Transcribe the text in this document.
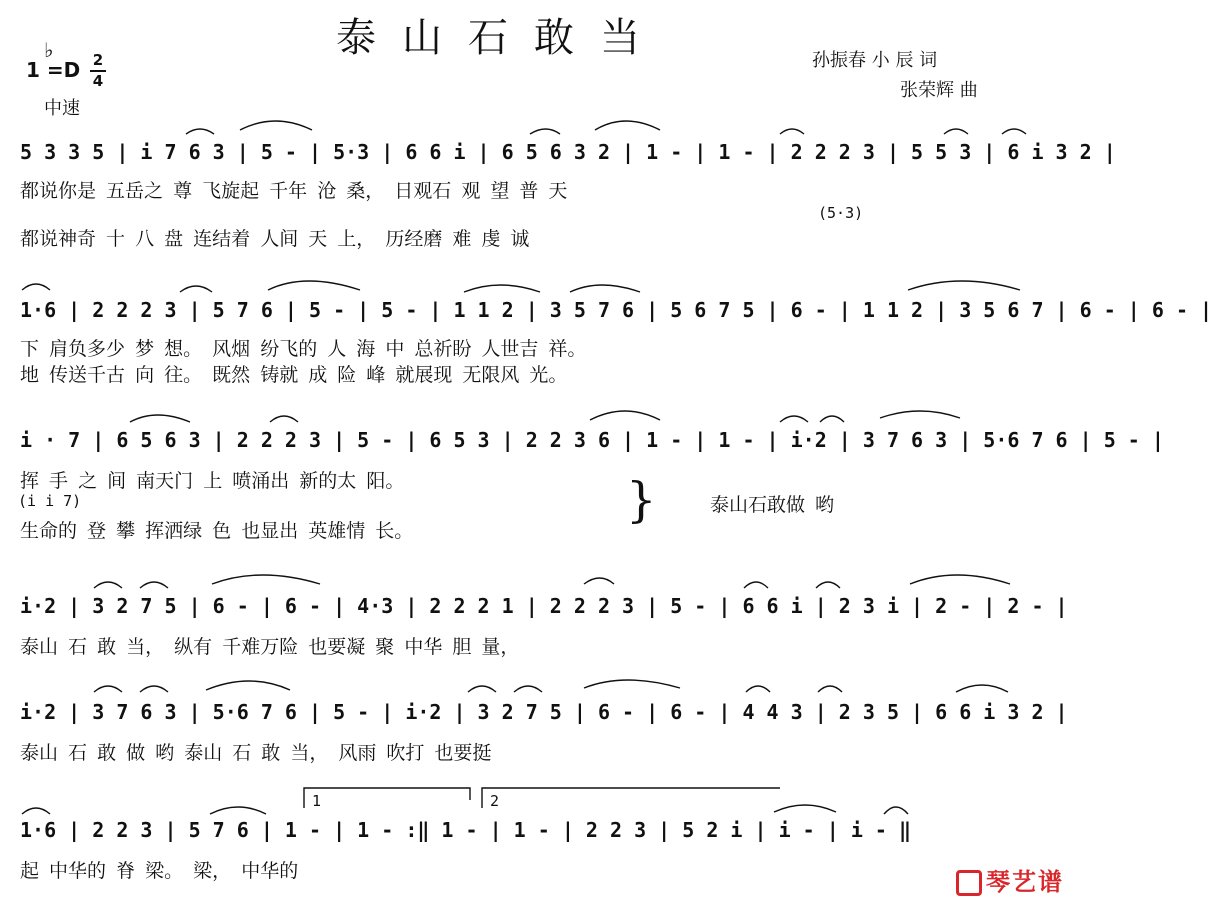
泰山石敢当
♭
1 =D 2
4
中速
孙振春 小 辰 词
张荣辉 曲
5 3 3 5 | i 7 6 3 | 5 - | 5·3 | 6 6 i | 6 5 6 3 2 | 1 - | 1 - | 2 2 2 3 | 5 5 3 | 6 i 3 2 |
(5·3)
都说你是 五岳之 尊 飞旋起 千年 沧 桑， 日观石 观 望 普 天
都说神奇 十 八 盘 连结着 人间 天 上， 历经磨 难 虔 诚
1·6 | 2 2 2 3 | 5 7 6 | 5 - | 5 - | 1 1 2 | 3 5 7 6 | 5 6 7 5 | 6 - | 1 1 2 | 3 5 6 7 | 6 - | 6 - |
下 肩负多少 梦 想。 风烟 纷飞的 人 海 中 总祈盼 人世吉 祥。
地 传送千古 向 往。 既然 铸就 成 险 峰 就展现 无限风 光。
i · 7 | 6 5 6 3 | 2 2 2 3 | 5 - | 6 5 3 | 2 2 3 6 | 1 - | 1 - | i·2 | 3 7 6 3 | 5·6 7 6 | 5 - |
挥 手 之 间 南天门 上 喷涌出 新的太 阳。
(i i 7)
生命的 登 攀 挥洒绿 色 也显出 英雄情 长。
}	泰山石敢做 哟
i·2 | 3 2 7 5 | 6 - | 6 - | 4·3 | 2 2 2 1 | 2 2 2 3 | 5 - | 6 6 i | 2 3 i | 2 - | 2 - |
泰山 石 敢 当， 纵有 千难万险 也要凝 聚 中华 胆 量，
i·2 | 3 7 6 3 | 5·6 7 6 | 5 - | i·2 | 3 2 7 5 | 6 - | 6 - | 4 4 3 | 2 3 5 | 6 6 i 3 2 |
泰山 石 敢 做 哟 泰山 石 敢 当， 风雨 吹打 也要挺
1	2
1·6 | 2 2 3 | 5 7 6 | 1 - | 1 - :‖ 1 - | 1 - | 2 2 3 | 5 2 i | i - | i - ‖
起 中华的 脊 梁。 梁， 中华的	琴艺谱
